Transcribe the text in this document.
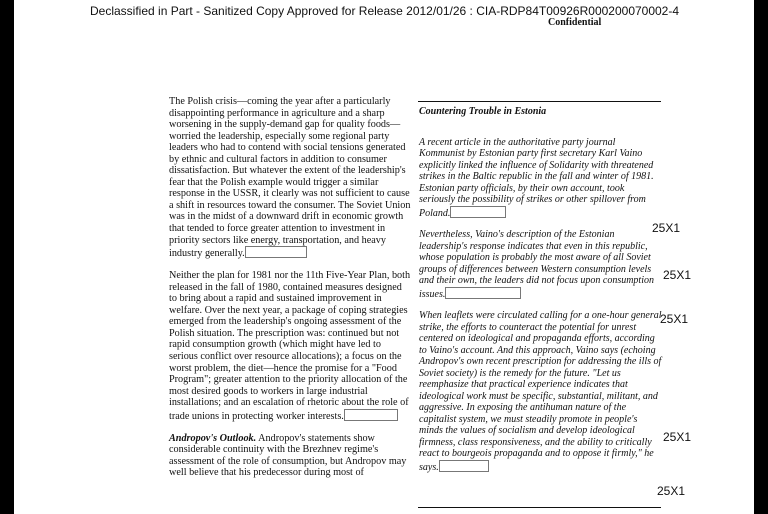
Declassified in Part - Sanitized Copy Approved for Release 2012/01/26 : CIA-RDP84T00926R000200070002-4
Confidential

The Polish crisis—coming the year after a particularly disappointing performance in agriculture and a sharp worsening in the supply-demand gap for quality foods—worried the leadership, especially some regional party leaders who had to contend with social tensions generated by ethnic and cultural factors in addition to consumer dissatisfaction. But whatever the extent of the leadership's fear that the Polish example would trigger a similar response in the USSR, it clearly was not sufficient to cause a shift in resources toward the consumer. The Soviet Union was in the midst of a downward drift in economic growth that tended to force greater attention to investment in priority sectors like energy, transportation, and heavy industry generally.

Neither the plan for 1981 nor the 11th Five-Year Plan, both released in the fall of 1980, contained measures designed to bring about a rapid and sustained improvement in welfare. Over the next year, a package of coping strategies emerged from the leadership's ongoing assessment of the Polish situation. The prescription was: continued but not rapid consumption growth (which might have led to serious conflict over resource allocations); a focus on the worst problem, the diet—hence the promise for a "Food Program"; greater attention to the priority allocation of the most desired goods to workers in large industrial installations; and an escalation of rhetoric about the role of trade unions in protecting worker interests.

Andropov's Outlook. Andropov's statements show considerable continuity with the Brezhnev regime's assessment of the role of consumption, but Andropov may well believe that his predecessor during most of

Countering Trouble in Estonia

A recent article in the authoritative party journal Kommunist by Estonian party first secretary Karl Vaino explicitly linked the influence of Solidarity with threatened strikes in the Baltic republic in the fall and winter of 1981. Estonian party officials, by their own account, took seriously the possibility of strikes or other spillover from Poland.

Nevertheless, Vaino's description of the Estonian leadership's response indicates that even in this republic, whose population is probably the most aware of all Soviet groups of differences between Western consumption levels and their own, the leaders did not focus upon consumption issues.

When leaflets were circulated calling for a one-hour general strike, the efforts to counteract the potential for unrest centered on ideological and propaganda efforts, according to Vaino's account. And this approach, Vaino says (echoing Andropov's own recent prescription for addressing the ills of Soviet society) is the remedy for the future. "Let us reemphasize that practical experience indicates that ideological work must be specific, substantial, militant, and aggressive. In exposing the antihuman nature of the capitalist system, we must steadily promote in people's minds the values of socialism and develop ideological firmness, class responsiveness, and the ability to critically react to bourgeois propaganda and to oppose it firmly," he says.

25X1
25X1
25X1
25X1
25X1
